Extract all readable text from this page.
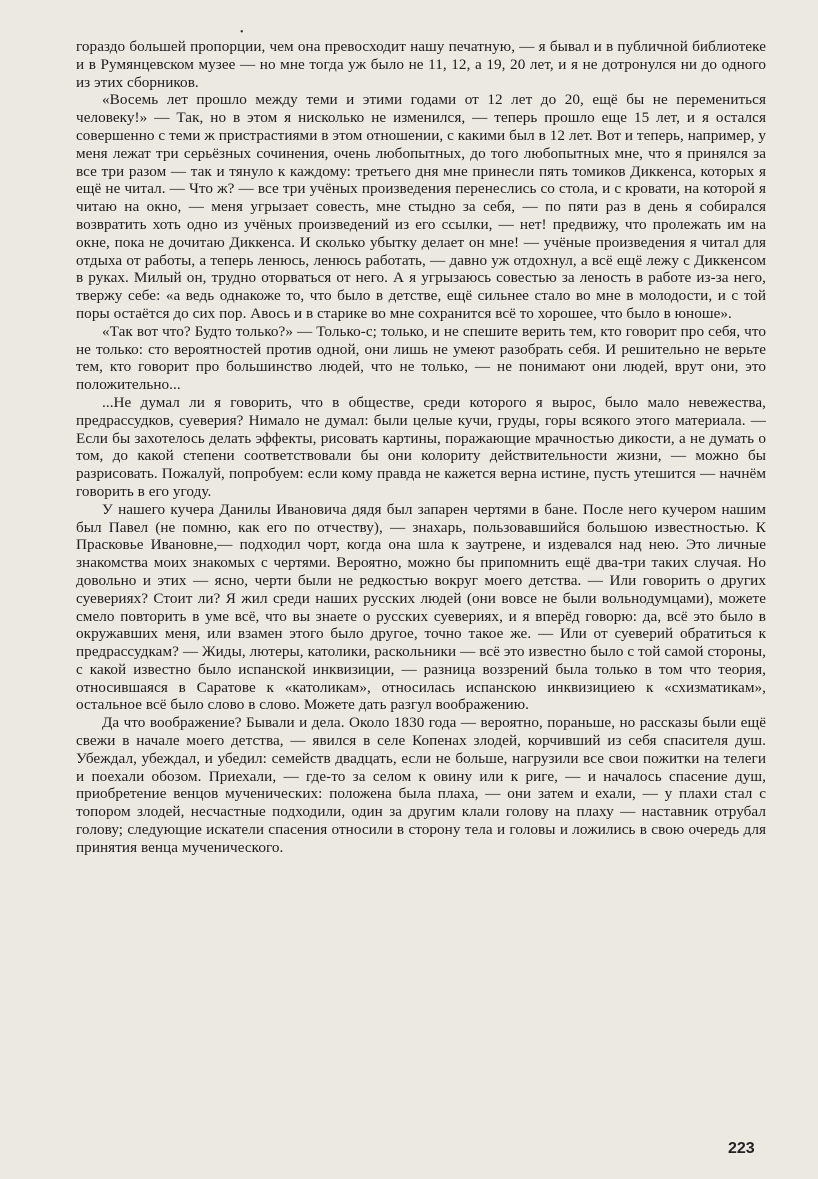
•

гораздо большей пропорции, чем она превосходит нашу печатную, — я бывал и в публичной библиотеке и в Румянцевском музее — но мне тогда уж было не 11, 12, а 19, 20 лет, и я не дотронулся ни до одного из этих сборников.

«Восемь лет прошло между теми и этими годами от 12 лет до 20, ещё бы не перемениться человеку!» — Так, но в этом я нисколько не изменился, — теперь прошло еще 15 лет, и я остался совершенно с теми ж пристрастиями в этом отношении, с какими был в 12 лет. Вот и теперь, например, у меня лежат три серьёзных сочинения, очень любопытных, до того любопытных мне, что я принялся за все три разом — так и тянуло к каждому: третьего дня мне принесли пять томиков Диккенса, которых я ещё не читал. — Что ж? — все три учёных произведения перенеслись со стола, и с кровати, на которой я читаю на окно, — меня угрызает совесть, мне стыдно за себя, — по пяти раз в день я собирался возвратить хоть одно из учёных произведений из его ссылки, — нет! предвижу, что пролежать им на окне, пока не дочитаю Диккенса. И сколько убытку делает он мне! — учёные произведения я читал для отдыха от работы, а теперь ленюсь, ленюсь работать, — давно уж отдохнул, а всё ещё лежу с Диккенсом в руках. Милый он, трудно оторваться от него. А я угрызаюсь совестью за леность в работе из-за него, твержу себе: «а ведь однакоже то, что было в детстве, ещё сильнее стало во мне в молодости, и с той поры остаётся до сих пор. Авось и в старике во мне сохранится всё то хорошее, что было в юноше».

«Так вот что? Будто только?» — Только-с; только, и не спешите верить тем, кто говорит про себя, что не только: сто вероятностей против одной, они лишь не умеют разобрать себя. И решительно не верьте тем, кто говорит про большинство людей, что не только, — не понимают они людей, врут они, это положительно...

...Не думал ли я говорить, что в обществе, среди которого я вырос, было мало невежества, предрассудков, суеверия? Нимало не думал: были целые кучи, груды, горы всякого этого материала. — Если бы захотелось делать эффекты, рисовать картины, поражающие мрачностью дикости, а не думать о том, до какой степени соответствовали бы они колориту действительности жизни, — можно бы разрисовать. Пожалуй, попробуем: если кому правда не кажется верна истине, пусть утешится — начнём говорить в его угоду.

У нашего кучера Данилы Ивановича дядя был запарен чертями в бане. После него кучером нашим был Павел (не помню, как его по отчеству), — знахарь, пользовавшийся большою известностью. К Прасковье Ивановне,— подходил чорт, когда она шла к заутрене, и издевался над нею. Это личные знакомства моих знакомых с чертями. Вероятно, можно бы припомнить ещё два-три таких случая. Но довольно и этих — ясно, черти были не редкостью вокруг моего детства. — Или говорить о других суевериях? Стоит ли? Я жил среди наших русских людей (они вовсе не были вольнодумцами), можете смело повторить в уме всё, что вы знаете о русских суевериях, и я вперёд говорю: да, всё это было в окружавших меня, или взамен этого было другое, точно такое же. — Или от суеверий обратиться к предрассудкам? — Жиды, лютеры, католики, раскольники — всё это известно было с той самой стороны, с какой известно было испанской инквизиции, — разница воззрений была только в том что теория, относившаяся в Саратове к «католикам», относилась испанскою инквизициею к «схизматикам», остальное всё было слово в слово. Можете дать разгул воображению.

Да что воображение? Бывали и дела. Около 1830 года — вероятно, пораньше, но рассказы были ещё свежи в начале моего детства, — явился в селе Копенах злодей, корчивший из себя спасителя душ. Убеждал, убеждал, и убедил: семейств двадцать, если не больше, нагрузили все свои пожитки на телеги и поехали обозом. Приехали, — где-то за селом к овину или к риге, — и началось спасение душ, приобретение венцов мученических: положена была плаха, — они затем и ехали, — у плахи стал с топором злодей, несчастные подходили, один за другим клали голову на плаху — наставник отрубал голову; следующие искатели спасения относили в сторону тела и головы и ложились в свою очередь для принятия венца мученического.

223
